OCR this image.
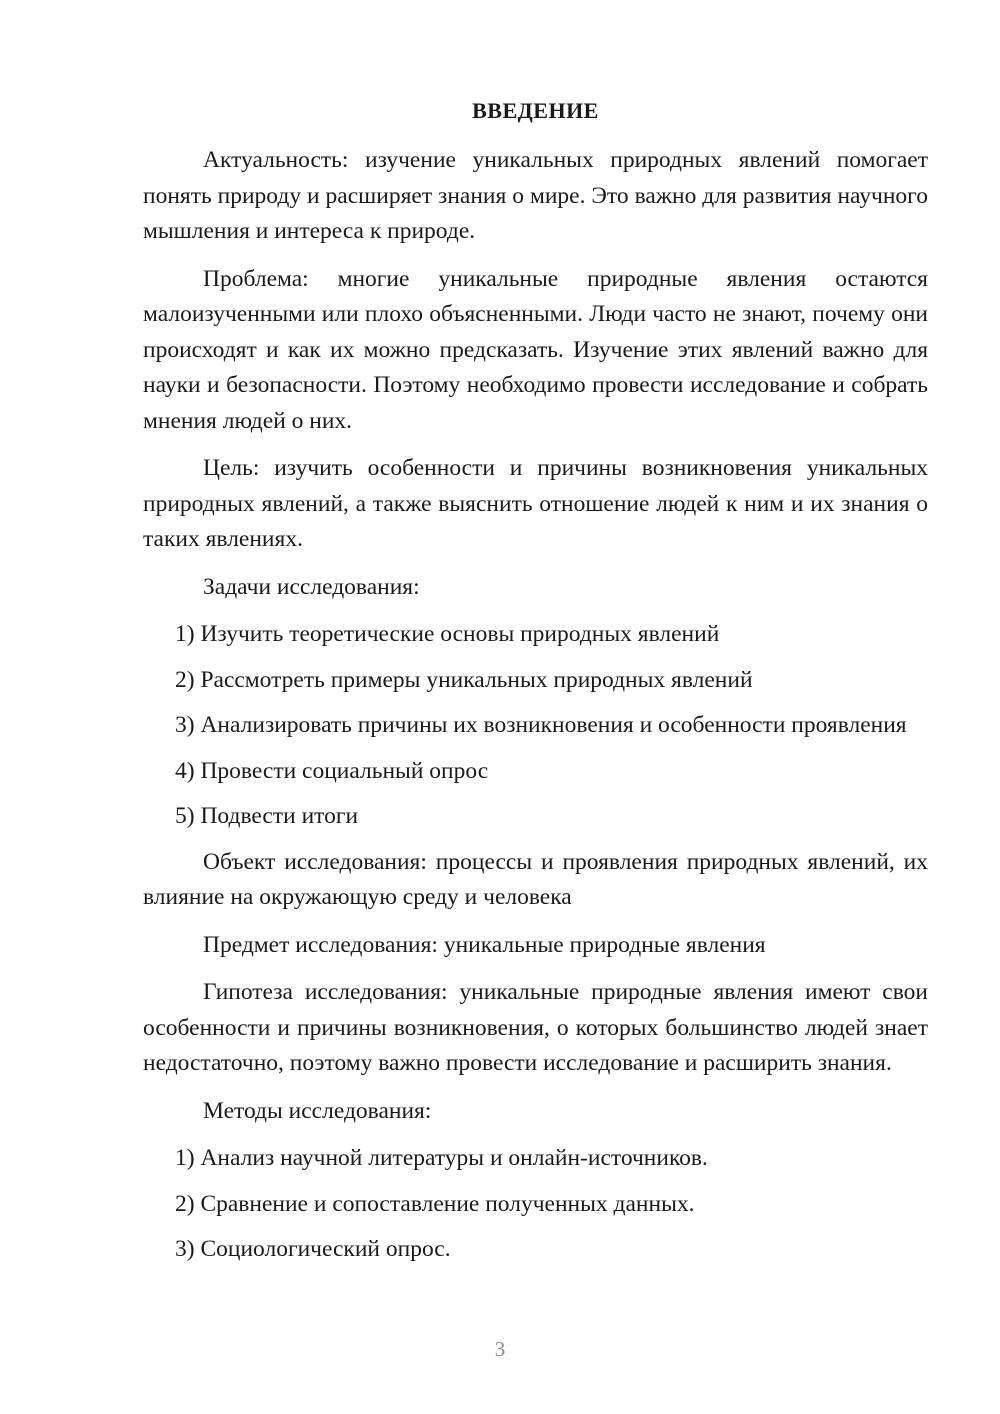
ВВЕДЕНИЕ
Актуальность: изучение уникальных природных явлений помогает понять природу и расширяет знания о мире. Это важно для развития научного мышления и интереса к природе.
Проблема: многие уникальные природные явления остаются малоизученными или плохо объясненными. Люди часто не знают, почему они происходят и как их можно предсказать. Изучение этих явлений важно для науки и безопасности. Поэтому необходимо провести исследование и собрать мнения людей о них.
Цель: изучить особенности и причины возникновения уникальных природных явлений, а также выяснить отношение людей к ним и их знания о таких явлениях.
Задачи исследования:
1) Изучить теоретические основы природных явлений
2) Рассмотреть примеры уникальных природных явлений
3) Анализировать причины их возникновения и особенности проявления
4) Провести социальный опрос
5) Подвести итоги
Объект исследования: процессы и проявления природных явлений, их влияние на окружающую среду и человека
Предмет исследования: уникальные природные явления
Гипотеза исследования: уникальные природные явления имеют свои особенности и причины возникновения, о которых большинство людей знает недостаточно, поэтому важно провести исследование и расширить знания.
Методы исследования:
1) Анализ научной литературы и онлайн-источников.
2) Сравнение и сопоставление полученных данных.
3) Социологический опрос.
3
